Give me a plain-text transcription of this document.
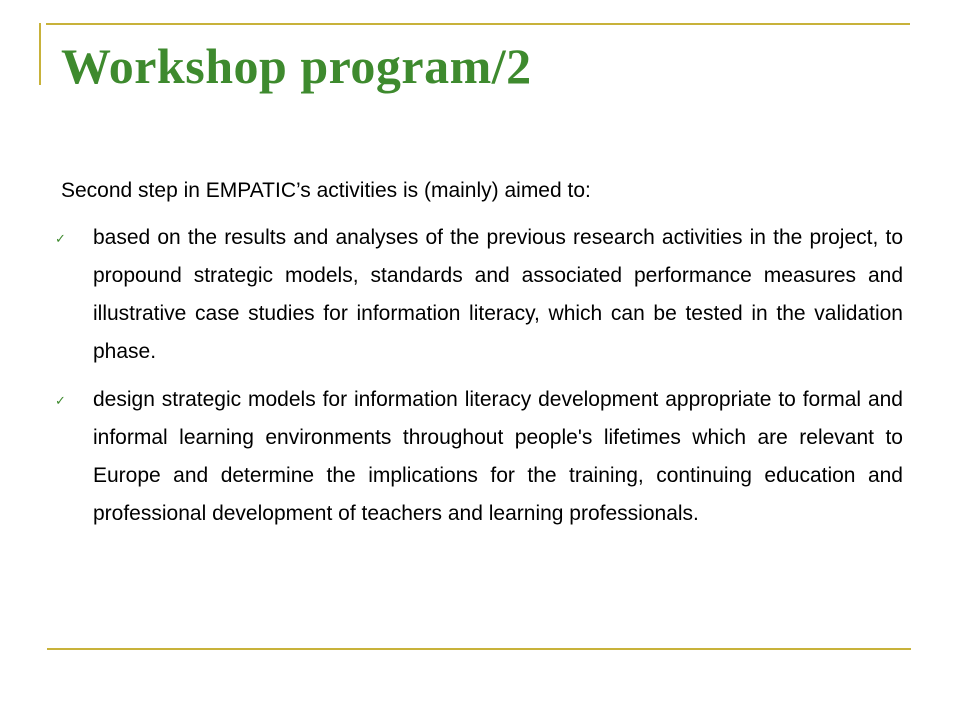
Workshop program/2

Second step in EMPATIC’s activities is (mainly) aimed to:

✓ based on the results and analyses of the previous research activities in the project, to propound strategic models, standards and associated performance measures and illustrative case studies for information literacy, which can be tested in the validation phase.
✓ design strategic models for information literacy development appropriate to formal and informal learning environments throughout people's lifetimes which are relevant to Europe and determine the implications for the training, continuing education and professional development of teachers and learning professionals.
